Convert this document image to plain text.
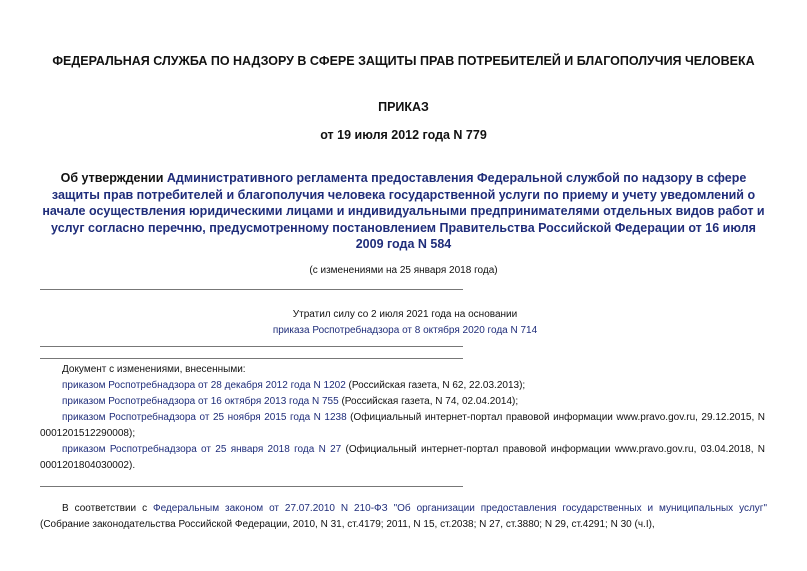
ФЕДЕРАЛЬНАЯ СЛУЖБА ПО НАДЗОРУ В СФЕРЕ ЗАЩИТЫ ПРАВ ПОТРЕБИТЕЛЕЙ И БЛАГОПОЛУЧИЯ ЧЕЛОВЕКА
ПРИКАЗ
от 19 июля 2012 года N 779
Об утверждении Административного регламента предоставления Федеральной службой по надзору в сфере защиты прав потребителей и благополучия человека государственной услуги по приему и учету уведомлений о начале осуществления юридическими лицами и индивидуальными предпринимателями отдельных видов работ и услуг согласно перечню, предусмотренному постановлением Правительства Российской Федерации от 16 июля 2009 года N 584
(с изменениями на 25 января 2018 года)
Утратил силу со 2 июля 2021 года на основании
приказа Роспотребнадзора от 8 октября 2020 года N 714
Документ с изменениями, внесенными:
приказом Роспотребнадзора от 28 декабря 2012 года N 1202 (Российская газета, N 62, 22.03.2013);
приказом Роспотребнадзора от 16 октября 2013 года N 755 (Российская газета, N 74, 02.04.2014);
приказом Роспотребнадзора от 25 ноября 2015 года N 1238 (Официальный интернет-портал правовой информации www.pravo.gov.ru, 29.12.2015, N 0001201512290008);
приказом Роспотребнадзора от 25 января 2018 года N 27 (Официальный интернет-портал правовой информации www.pravo.gov.ru, 03.04.2018, N 0001201804030002).
В соответствии с Федеральным законом от 27.07.2010 N 210-ФЗ "Об организации предоставления государственных и муниципальных услуг" (Собрание законодательства Российской Федерации, 2010, N 31, ст.4179; 2011, N 15, ст.2038; N 27, ст.3880; N 29, ст.4291; N 30 (ч.I),
